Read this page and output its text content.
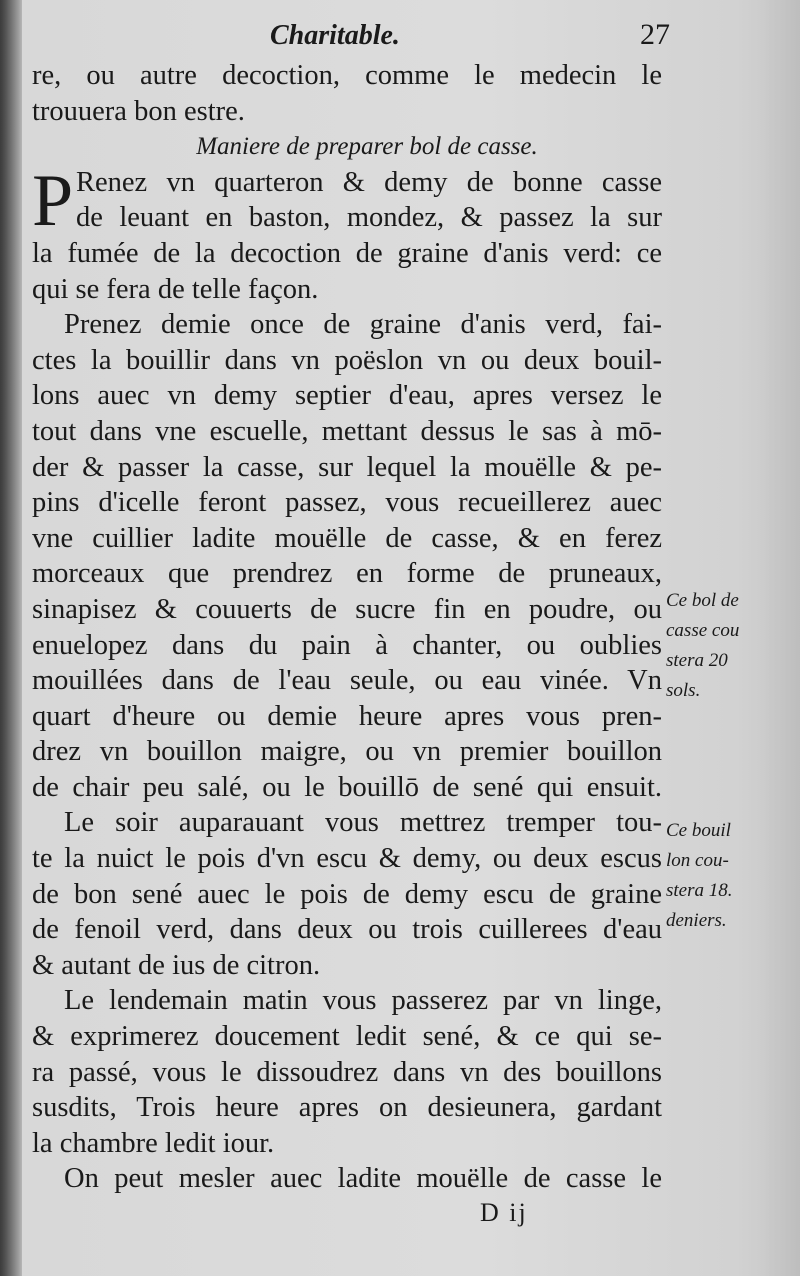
Charitable.	27
re, ou autre decoction, comme le medecin le
trouuera bon estre.
Maniere de preparer bol de casse.
P Renez vn quarteron & demy de bonne casse
de leuant en baston, mondez, & passez la sur
la fumée de la decoction de graine d'anis verd: ce
qui se fera de telle façon.
Prenez demie once de graine d'anis verd, fai-
ctes la bouillir dans vn poëslon vn ou deux bouil-
lons auec vn demy septier d'eau, apres versez le
tout dans vne escuelle, mettant dessus le sas à mō-
der & passer la casse, sur lequel la mouëlle & pe-
pins d'icelle feront passez, vous recueillerez auec
vne cuillier ladite mouëlle de casse, & en ferez
morceaux que prendrez en forme de pruneaux,
sinapisez & couuerts de sucre fin en poudre, ou
enuelopez dans du pain à chanter, ou oublies
mouillées dans de l'eau seule, ou eau vinée. Vn
quart d'heure ou demie heure apres vous pren-
drez vn bouillon maigre, ou vn premier bouillon
de chair peu salé, ou le bouillō de sené qui ensuit.
Le soir auparauant vous mettrez tremper tou-
te la nuict le pois d'vn escu & demy, ou deux escus
de bon sené auec le pois de demy escu de graine
de fenoil verd, dans deux ou trois cuillerees d'eau
& autant de ius de citron.
Le lendemain matin vous passerez par vn linge,
& exprimerez doucement ledit sené, & ce qui se-
ra passé, vous le dissoudrez dans vn des bouillons
susdits, Trois heure apres on desieunera, gardant
la chambre ledit iour.
On peut mesler auec ladite mouëlle de casse le
Ce bol de
casse cou
stera 20
sols.
Ce bouil
lon cou-
stera 18.
deniers.
D ij
